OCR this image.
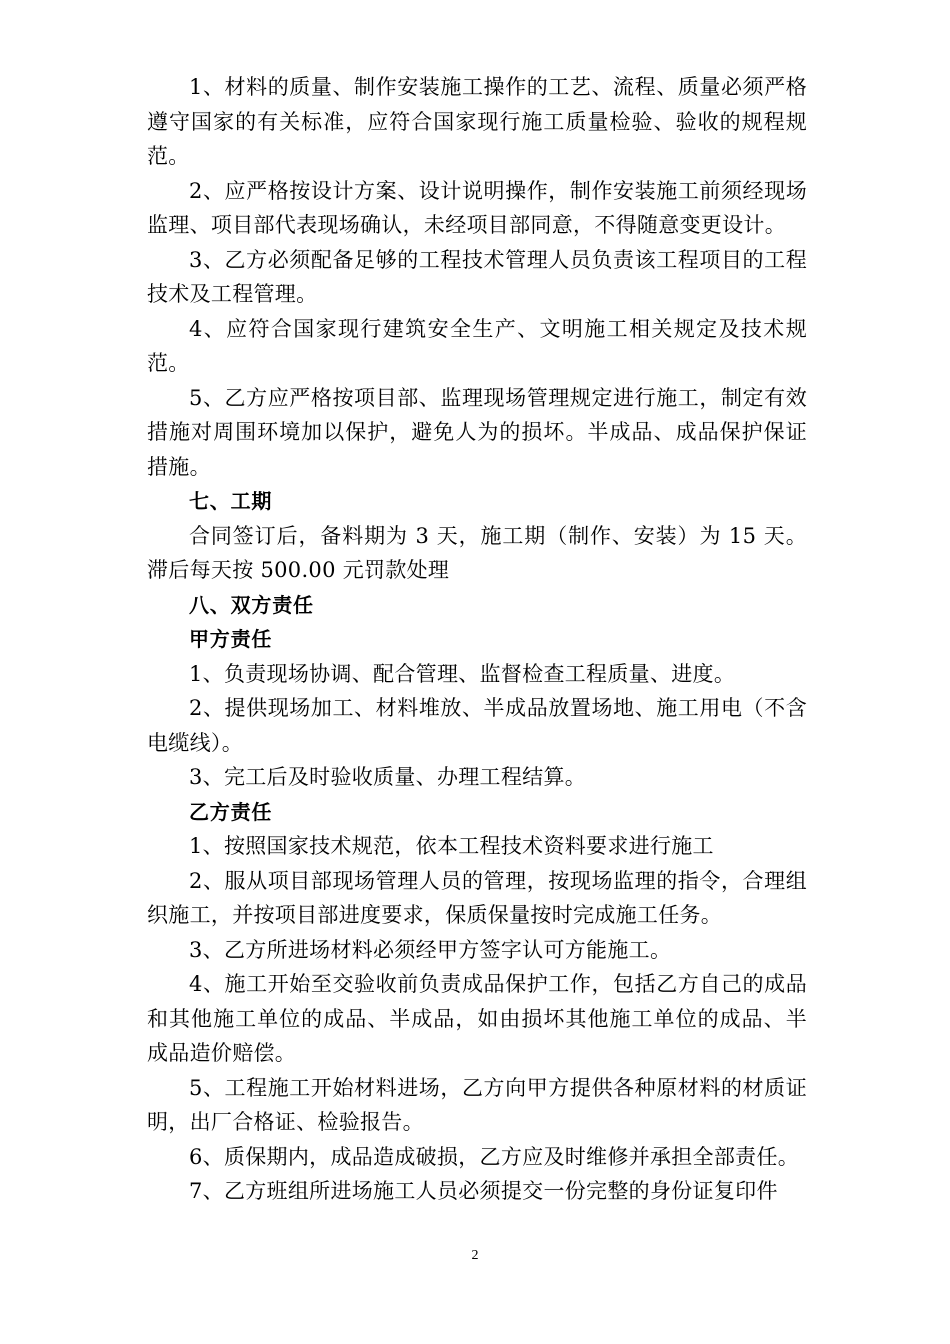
1、材料的质量、制作安装施工操作的工艺、流程、质量必须严格遵守国家的有关标准，应符合国家现行施工质量检验、验收的规程规范。

2、应严格按设计方案、设计说明操作，制作安装施工前须经现场监理、项目部代表现场确认，未经项目部同意，不得随意变更设计。

3、乙方必须配备足够的工程技术管理人员负责该工程项目的工程技术及工程管理。

4、应符合国家现行建筑安全生产、文明施工相关规定及技术规范。

5、乙方应严格按项目部、监理现场管理规定进行施工，制定有效措施对周围环境加以保护，避免人为的损坏。半成品、成品保护保证措施。

七、工期

合同签订后，备料期为 3 天，施工期（制作、安装）为 15 天。滞后每天按 500.00 元罚款处理

八、双方责任

甲方责任

1、负责现场协调、配合管理、监督检查工程质量、进度。

2、提供现场加工、材料堆放、半成品放置场地、施工用电（不含电缆线）。

3、完工后及时验收质量、办理工程结算。

乙方责任

1、按照国家技术规范，依本工程技术资料要求进行施工

2、服从项目部现场管理人员的管理，按现场监理的指令，合理组织施工，并按项目部进度要求，保质保量按时完成施工任务。

3、乙方所进场材料必须经甲方签字认可方能施工。

4、施工开始至交验收前负责成品保护工作，包括乙方自己的成品和其他施工单位的成品、半成品，如由损坏其他施工单位的成品、半成品造价赔偿。

5、工程施工开始材料进场，乙方向甲方提供各种原材料的材质证明，出厂合格证、检验报告。

6、质保期内，成品造成破损，乙方应及时维修并承担全部责任。

7、乙方班组所进场施工人员必须提交一份完整的身份证复印件

2
